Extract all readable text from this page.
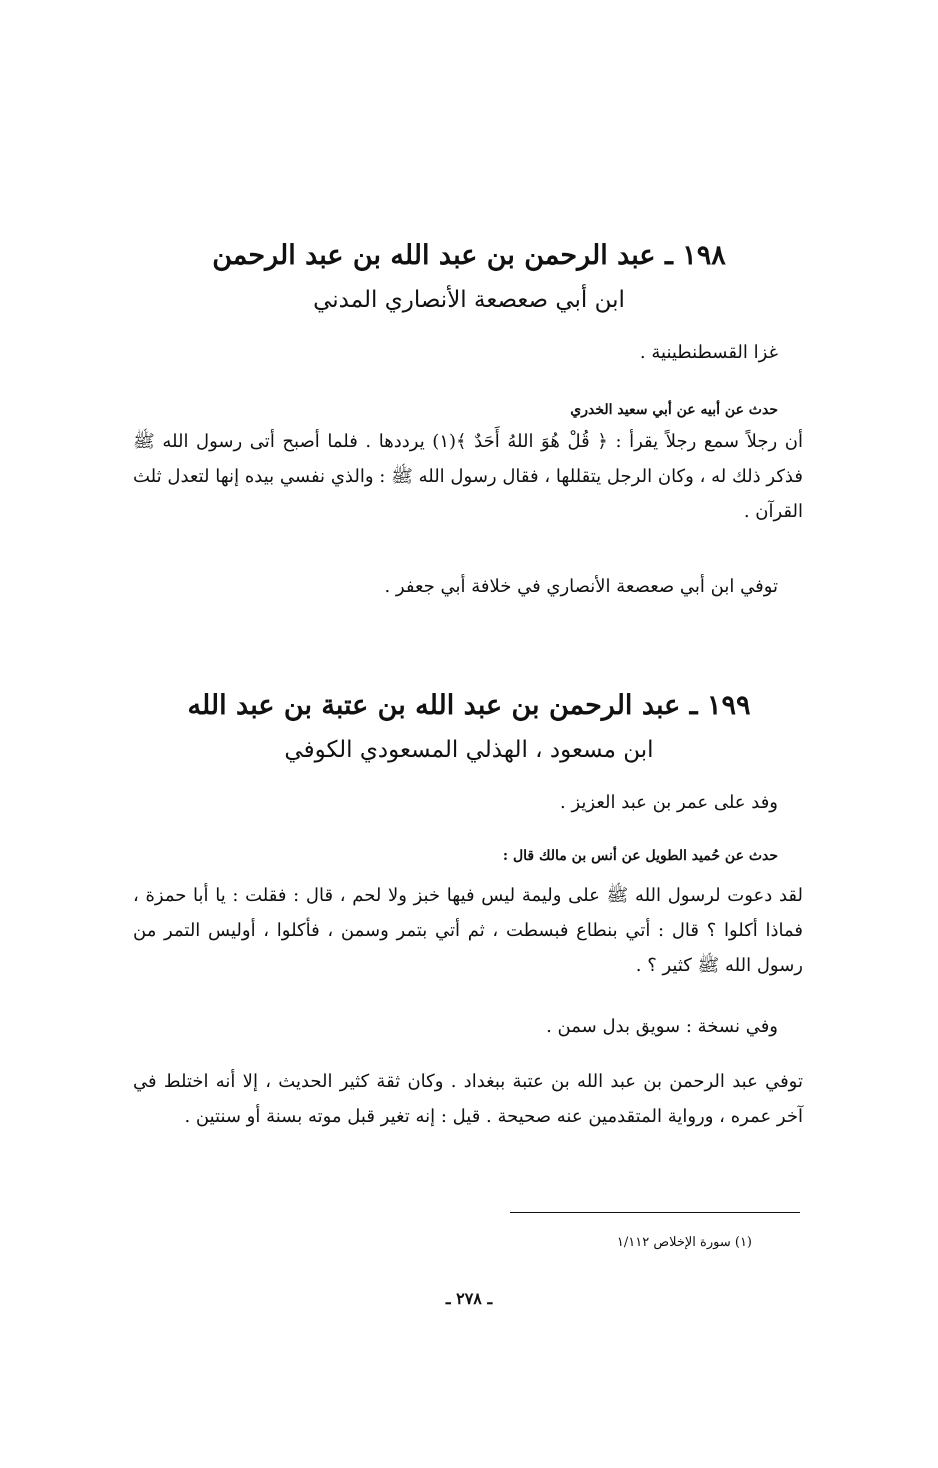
١٩٨ ـ عبد الرحمن بن عبد الله بن عبد الرحمن
ابن أبي صعصعة الأنصاري المدني
غزا القسطنطينية .
حدث عن أبيه عن أبي سعيد الخدري
أن رجلاً سمع رجلاً يقرأ : ﴿ قُلْ هُوَ اللهُ أَحَدٌ ﴾(١) يرددها . فلما أصبح أتى رسول الله ﷺ فذكر ذلك له ، وكان الرجل يتقللها ، فقال رسول الله ﷺ : والذي نفسي بيده إنها لتعدل ثلث القرآن .
توفي ابن أبي صعصعة الأنصاري في خلافة أبي جعفر .
١٩٩ ـ عبد الرحمن بن عبد الله بن عتبة بن عبد الله
ابن مسعود ، الهذلي المسعودي الكوفي
وفد على عمر بن عبد العزيز .
حدث عن حُميد الطويل عن أنس بن مالك قال :
لقد دعوت لرسول الله ﷺ على وليمة ليس فيها خبز ولا لحم ، قال : فقلت : يا أبا حمزة ، فماذا أكلوا ؟ قال : أتي بنطاع فبسطت ، ثم أتي بتمر وسمن ، فأكلوا ، أوليس التمر من رسول الله ﷺ كثير ؟ .
وفي نسخة : سويق بدل سمن .
توفي عبد الرحمن بن عبد الله بن عتبة ببغداد . وكان ثقة كثير الحديث ، إلا أنه اختلط في آخر عمره ، ورواية المتقدمين عنه صحيحة . قيل : إنه تغير قبل موته بسنة أو سنتين .
(١) سورة الإخلاص ١/١١٢
ـ ٢٧٨ ـ
